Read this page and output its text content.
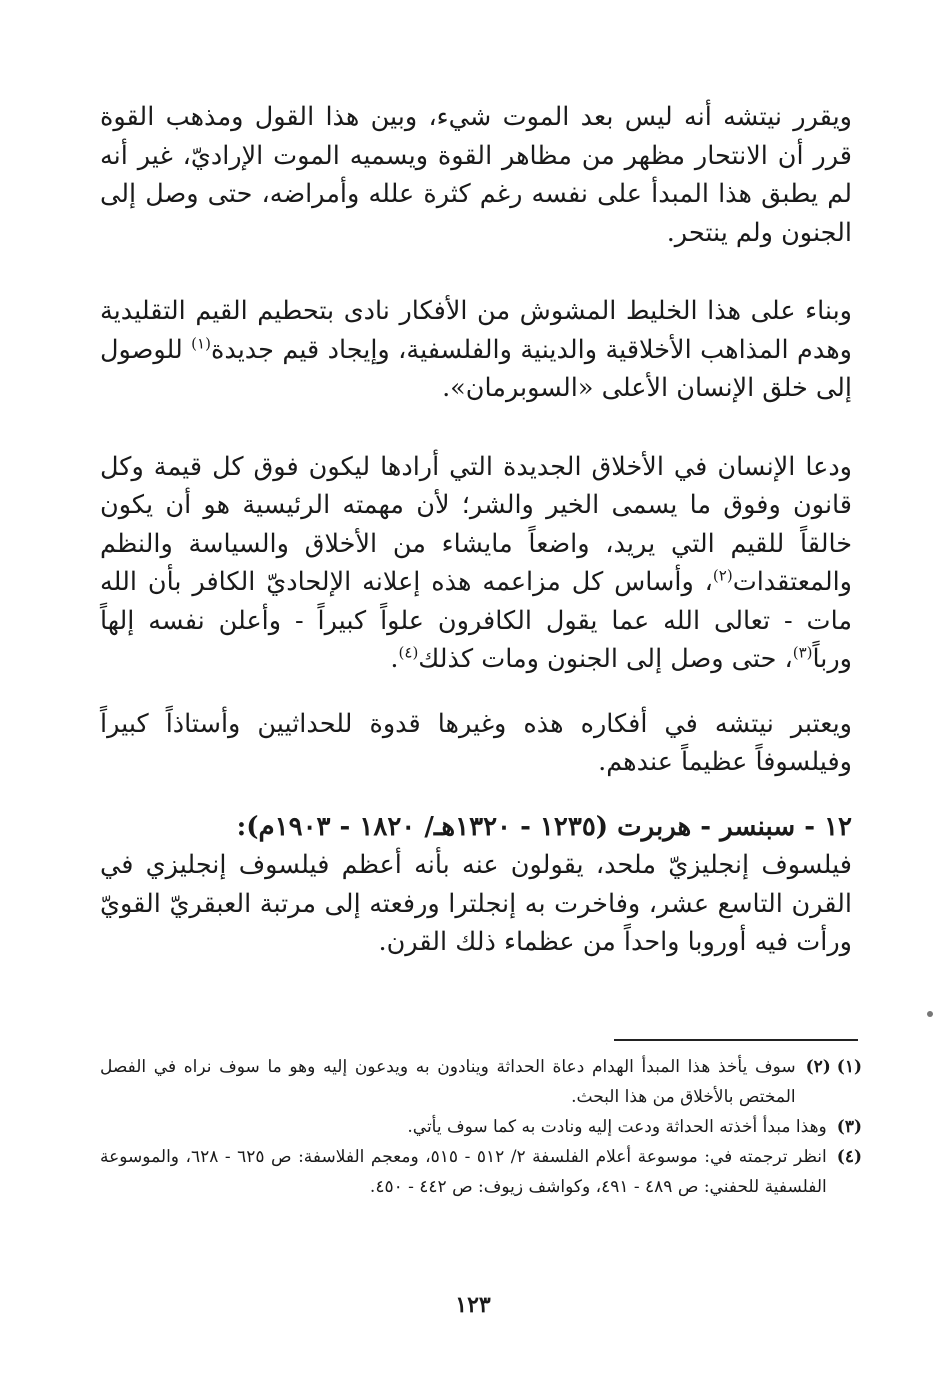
ويقرر نيتشه أنه ليس بعد الموت شيء، وبين هذا القول ومذهب القوة قرر أن الانتحار مظهر من مظاهر القوة ويسميه الموت الإراديّ، غير أنه لم يطبق هذا المبدأ على نفسه رغم كثرة علله وأمراضه، حتى وصل إلى الجنون ولم ينتحر.

وبناء على هذا الخليط المشوش من الأفكار نادى بتحطيم القيم التقليدية وهدم المذاهب الأخلاقية والدينية والفلسفية، وإيجاد قيم جديدة$^{(١)}$ للوصول إلى خلق الإنسان الأعلى «السوبرمان».

ودعا الإنسان في الأخلاق الجديدة التي أرادها ليكون فوق كل قيمة وكل قانون وفوق ما يسمى الخير والشر؛ لأن مهمته الرئيسية هو أن يكون خالقاً للقيم التي يريد، واضعاً مايشاء من الأخلاق والسياسة والنظم والمعتقدات$^{(٢)}$، وأساس كل مزاعمه هذه إعلانه الإلحاديّ الكافر بأن الله مات - تعالى الله عما يقول الكافرون علواً كبيراً - وأعلن نفسه إلهاً ورباً$^{(٣)}$، حتى وصل إلى الجنون ومات كذلك$^{(٤)}$.

ويعتبر نيتشه في أفكاره هذه وغيرها قدوة للحداثيين وأستاذاً كبيراً وفيلسوفاً عظيماً عندهم.

١٢ - سبنسر - هربرت (١٢٣٥ - ١٣٢٠هـ/ ١٨٢٠ - ١٩٠٣م):

فيلسوف إنجليزيّ ملحد، يقولون عنه بأنه أعظم فيلسوف إنجليزي في القرن التاسع عشر، وفاخرت به إنجلترا ورفعته إلى مرتبة العبقريّ القويّ ورأت فيه أوروبا واحداً من عظماء ذلك القرن.

(١) (٢)
سوف يأخذ هذا المبدأ الهدام دعاة الحداثة وينادون به ويدعون إليه وهو ما سوف نراه في الفصل المختص بالأخلاق من هذا البحث.

(٣)
وهذا مبدأ أخذته الحداثة ودعت إليه ونادت به كما سوف يأتي.

(٤)
انظر ترجمته في: موسوعة أعلام الفلسفة ٢/ ٥١٢ - ٥١٥، ومعجم الفلاسفة: ص ٦٢٥ - ٦٢٨، والموسوعة الفلسفية للحفني: ص ٤٨٩ - ٤٩١، وكواشف زيوف: ص ٤٤٢ - ٤٥٠.

١٢٣
